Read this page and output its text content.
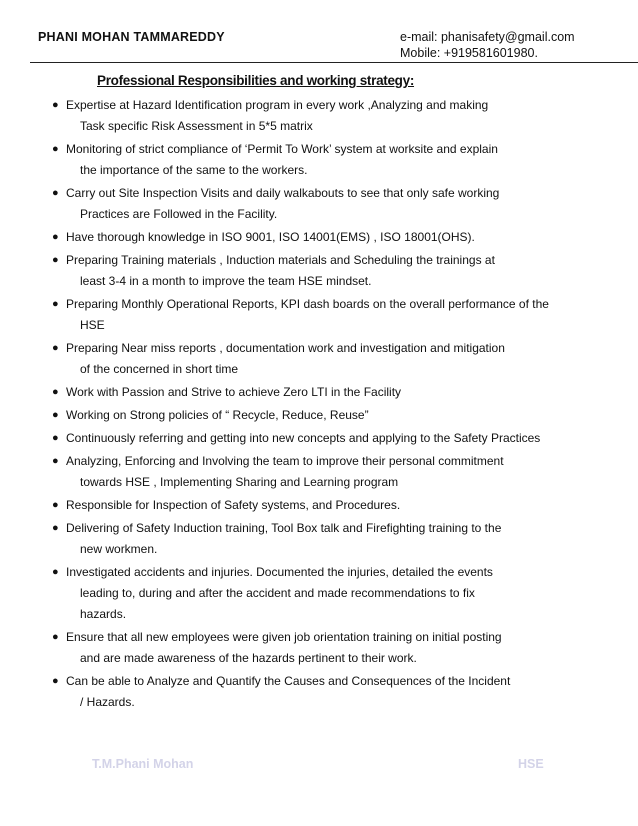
PHANI MOHAN TAMMAREDDY	e-mail: phanisafety@gmail.com
Mobile: +919581601980.
Professional Responsibilities and working strategy:
● Expertise at Hazard Identification program in every work ,Analyzing and making
Task specific Risk Assessment in 5*5 matrix
● Monitoring of strict compliance of ‘Permit To Work’ system at worksite and explain
the importance of the same to the workers.
● Carry out Site Inspection Visits and daily walkabouts to see that only safe working
Practices are Followed in the Facility.
● Have thorough knowledge in ISO 9001, ISO 14001(EMS) , ISO 18001(OHS).
● Preparing Training materials , Induction materials and Scheduling the trainings at
least 3-4 in a month to improve the team HSE mindset.
● Preparing Monthly Operational Reports, KPI dash boards on the overall performance of the
HSE
● Preparing Near miss reports , documentation work and investigation and mitigation
of the concerned in short time
● Work with Passion and Strive to achieve Zero LTI in the Facility
● Working on Strong policies of “ Recycle, Reduce, Reuse”
● Continuously referring and getting into new concepts and applying to the Safety Practices
● Analyzing, Enforcing and Involving the team to improve their personal commitment
towards HSE , Implementing Sharing and Learning program
● Responsible for Inspection of Safety systems, and Procedures.
● Delivering of Safety Induction training, Tool Box talk and Firefighting training to the
new workmen.
● Investigated accidents and injuries. Documented the injuries, detailed the events
leading to, during and after the accident and made recommendations to fix
hazards.
● Ensure that all new employees were given job orientation training on initial posting
and are made awareness of the hazards pertinent to their work.
● Can be able to Analyze and Quantify the Causes and Consequences of the Incident
/ Hazards.
T.M.Phani Mohan	HSE
